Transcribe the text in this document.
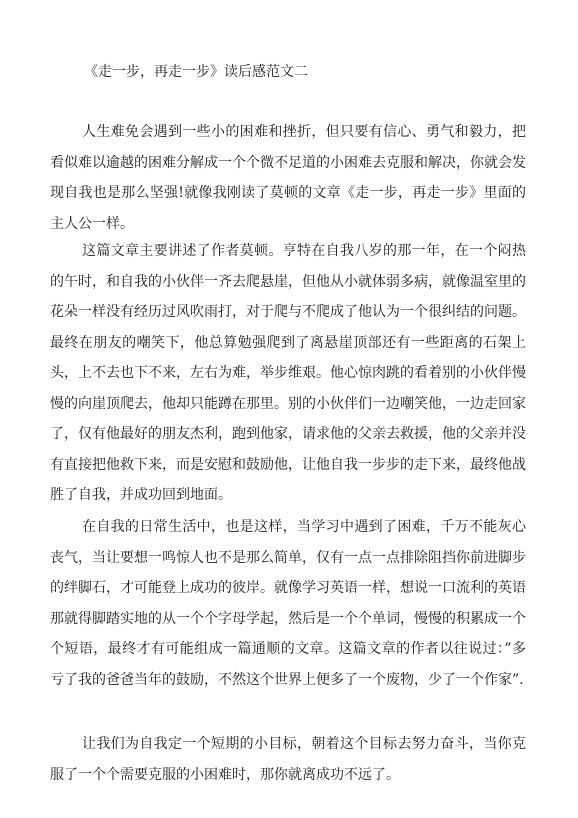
《走一步，再走一步》读后感范文二

人生难免会遇到一些小的困难和挫折，但只要有信心、勇气和毅力，把看似难以逾越的困难分解成一个个微不足道的小困难去克服和解决，你就会发现自我也是那么坚强!就像我刚读了莫顿的文章《走一步，再走一步》里面的主人公一样。

这篇文章主要讲述了作者莫顿。亨特在自我八岁的那一年，在一个闷热的午时，和自我的小伙伴一齐去爬悬崖，但他从小就体弱多病，就像温室里的花朵一样没有经历过风吹雨打，对于爬与不爬成了他认为一个很纠结的问题。最终在朋友的嘲笑下，他总算勉强爬到了离悬崖顶部还有一些距离的石架上头，上不去也下不来，左右为难，举步维艰。他心惊肉跳的看着别的小伙伴慢慢的向崖顶爬去，他却只能蹲在那里。别的小伙伴们一边嘲笑他，一边走回家了，仅有他最好的朋友杰利，跑到他家，请求他的父亲去救援，他的父亲并没有直接把他救下来，而是安慰和鼓励他，让他自我一步步的走下来，最终他战胜了自我，并成功回到地面。

在自我的日常生活中，也是这样，当学习中遇到了困难，千万不能灰心丧气，当让要想一鸣惊人也不是那么简单，仅有一点一点排除阻挡你前进脚步的绊脚石，才可能登上成功的彼岸。就像学习英语一样，想说一口流利的英语那就得脚踏实地的从一个个字母学起，然后是一个个单词，慢慢的积累成一个个短语，最终才有可能组成一篇通顺的文章。这篇文章的作者以往说过：”多亏了我的爸爸当年的鼓励，不然这个世界上便多了一个废物，少了一个作家”.

让我们为自我定一个短期的小目标，朝着这个目标去努力奋斗，当你克服了一个个需要克服的小困难时，那你就离成功不远了。
